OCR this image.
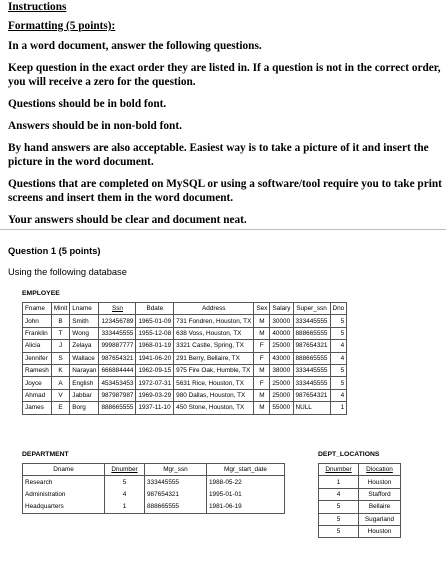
Instructions
Formatting (5 points):

In a word document, answer the following questions.

Keep question in the exact order they are listed in. If a question is not in the correct order, you will receive a zero for the question.

Questions should be in bold font.

Answers should be in non-bold font.

By hand answers are also acceptable. Easiest way is to take a picture of it and insert the picture in the word document.

Questions that are completed on MySQL or using a software/tool require you to take print screens and insert them in the word document.

Your answers should be clear and document neat.

Question 1 (5 points)
Using the following database
EMPLOYEE
Fname	Minit	Lname	Ssn	Bdate	Address	Sex	Salary	Super_ssn	Dno
John	B	Smith	123456789	1965-01-09	731 Fondren, Houston, TX	M	30000	333445555	5
Franklin	T	Wong	333445555	1955-12-08	638 Voss, Houston, TX	M	40000	888665555	5
Alicia	J	Zelaya	999887777	1968-01-19	3321 Castle, Spring, TX	F	25000	987654321	4
Jennifer	S	Wallace	987654321	1941-06-20	291 Berry, Bellaire, TX	F	43000	888665555	4
Ramesh	K	Narayan	666884444	1962-09-15	975 Fire Oak, Humble, TX	M	38000	333445555	5
Joyce	A	English	453453453	1972-07-31	5631 Rice, Houston, TX	F	25000	333445555	5
Ahmad	V	Jabbar	987987987	1969-03-29	980 Dallas, Houston, TX	M	25000	987654321	4
James	E	Borg	888665555	1937-11-10	450 Stone, Houston, TX	M	55000	NULL	1
DEPARTMENT
Dname	Dnumber	Mgr_ssn	Mgr_start_date
Research	5	333445555	1988-05-22
Administration	4	987654321	1995-01-01
Headquarters	1	888665555	1981-06-19
DEPT_LOCATIONS
Dnumber	Dlocation
1	Houston
4	Stafford
5	Bellaire
5	Sugarland
5	Houston
